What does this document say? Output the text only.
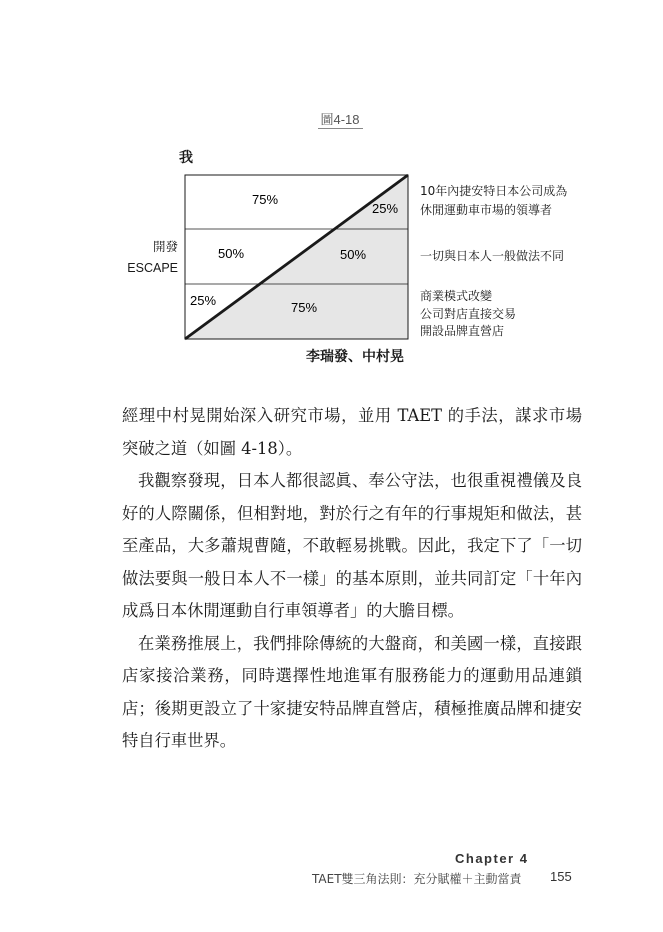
圖4-18
我
開發
ESCAPE
75%
50%
25%
25%
50%
75%
10年內捷安特日本公司成為
休閒運動車市場的領導者
一切與日本人一般做法不同
商業模式改變
公司對店直接交易
開設品牌直營店
李瑞發、中村晃

經理中村晃開始深入研究市場，並用 TAET 的手法，謀求市場突破之道（如圖 4-18）。

我觀察發現，日本人都很認眞、奉公守法，也很重視禮儀及良好的人際關係，但相對地，對於行之有年的行事規矩和做法，甚至產品，大多蕭規曹隨，不敢輕易挑戰。因此，我定下了「一切做法要與一般日本人不一樣」的基本原則，並共同訂定「十年內成爲日本休閒運動自行車領導者」的大膽目標。

在業務推展上，我們排除傳統的大盤商，和美國一樣，直接跟店家接洽業務，同時選擇性地進軍有服務能力的運動用品連鎖店；後期更設立了十家捷安特品牌直營店，積極推廣品牌和捷安特自行車世界。

Chapter 4
TAET雙三角法則：充分賦權＋主動當責 155
